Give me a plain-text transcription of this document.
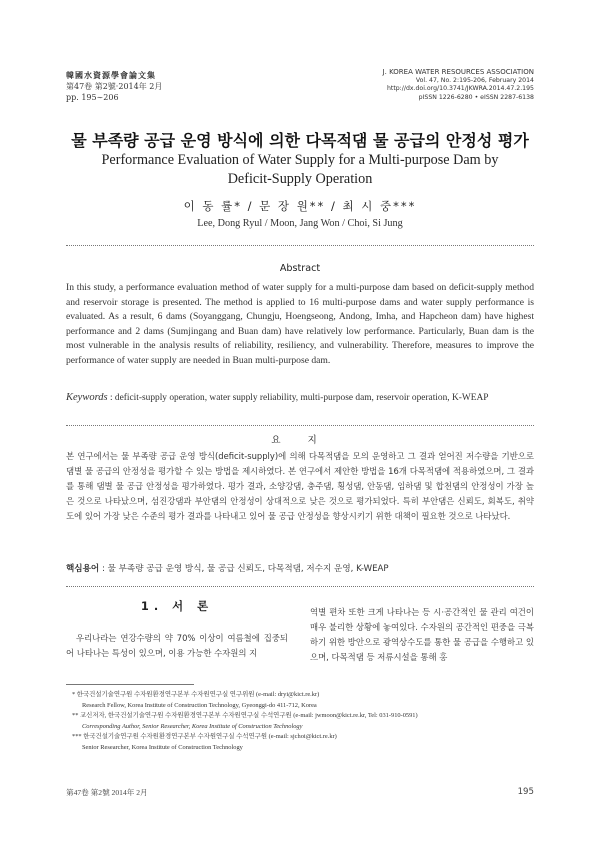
韓國水資源學會論文集
第47卷 第2號·2014年 2月
pp. 195∼206
J. KOREA WATER RESOURCES ASSOCIATION
Vol. 47, No. 2:195-206, February 2014
http://dx.doi.org/10.3741/JKWRA.2014.47.2.195
pISSN 1226-6280 • eISSN 2287-6138
물 부족량 공급 운영 방식에 의한 다목적댐 물 공급의 안정성 평가
Performance Evaluation of Water Supply for a Multi-purpose Dam by
Deficit-Supply Operation
이 동 률* / 문 장 원** / 최 시 중***
Lee, Dong Ryul / Moon, Jang Won / Choi, Si Jung
Abstract
In this study, a performance evaluation method of water supply for a multi-purpose dam based on deficit-supply method and reservoir storage is presented. The method is applied to 16 multi-purpose dams and water supply performance is evaluated. As a result, 6 dams (Soyanggang, Chungju, Hoengseong, Andong, Imha, and Hapcheon dam) have highest performance and 2 dams (Sumjingang and Buan dam) have relatively low performance. Particularly, Buan dam is the most vulnerable in the analysis results of reliability, resiliency, and vulnerability. Therefore, measures to improve the performance of water supply are needed in Buan multi-purpose dam.
Keywords : deficit-supply operation, water supply reliability, multi-purpose dam, reservoir operation, K-WEAP
요 지
본 연구에서는 물 부족량 공급 운영 방식(deficit-supply)에 의해 다목적댐을 모의 운영하고 그 결과 얻어진 저수량을 기반으로 댐별 물 공급의 안정성을 평가할 수 있는 방법을 제시하였다. 본 연구에서 제안한 방법을 16개 다목적댐에 적용하였으며, 그 결과를 통해 댐별 물 공급 안정성을 평가하였다. 평가 결과, 소양강댐, 충주댐, 횡성댐, 안동댐, 임하댐 및 합천댐의 안정성이 가장 높은 것으로 나타났으며, 섬진강댐과 부안댐의 안정성이 상대적으로 낮은 것으로 평가되었다. 특히 부안댐은 신뢰도, 회복도, 취약도에 있어 가장 낮은 수준의 평가 결과를 나타내고 있어 물 공급 안정성을 향상시키기 위한 대책이 필요한 것으로 나타났다.
핵심용어 : 물 부족량 공급 운영 방식, 물 공급 신뢰도, 다목적댐, 저수지 운영, K-WEAP
1. 서 론
우리나라는 연강수량의 약 70% 이상이 여름철에 집중되어 나타나는 특성이 있으며, 이용 가능한 수자원의 지
역별 편차 또한 크게 나타나는 등 시·공간적인 물 관리 여건이 매우 불리한 상황에 놓여있다. 수자원의 공간적인 편중을 극복하기 위한 방안으로 광역상수도를 통한 물 공급을 수행하고 있으며, 다목적댐 등 저류시설을 통해 홍
* 한국건설기술연구원 수자원환경연구본부 수자원연구실 연구위원 (e-mail: dryi@kict.re.kr)
Research Fellow, Korea Institute of Construction Technology, Gyeonggi-do 411-712, Korea
** 교신저자, 한국건설기술연구원 수자원환경연구본부 수자원연구실 수석연구원 (e-mail: jwmoon@kict.re.kr, Tel: 031-910-0591)
Corresponding Author, Senior Researcher, Korea Institute of Construction Technology
*** 한국건설기술연구원 수자원환경연구본부 수자원연구실 수석연구원 (e-mail: sjchoi@kict.re.kr)
Senior Researcher, Korea Institute of Construction Technology
第47卷 第2號 2014年 2月	195
